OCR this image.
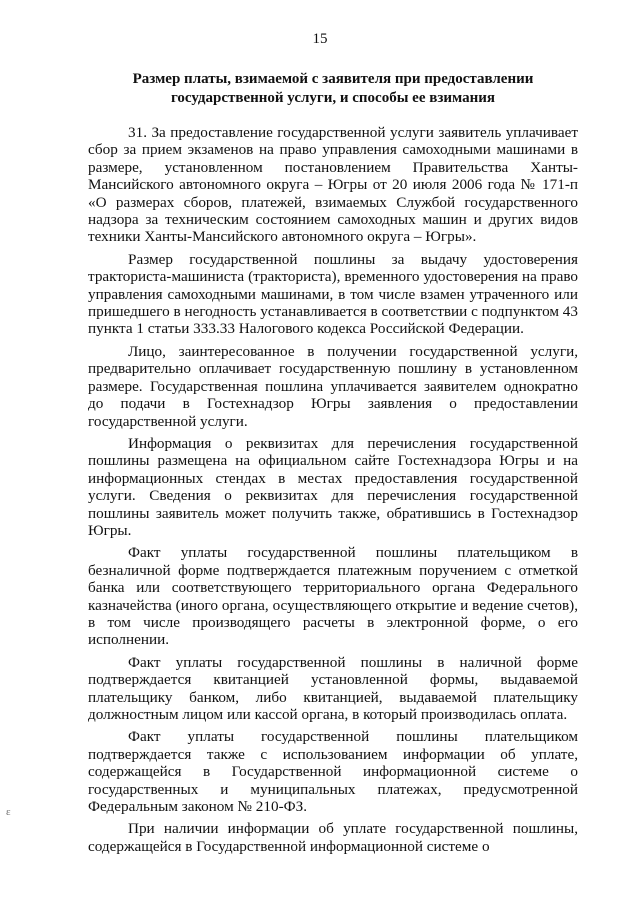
15
Размер платы, взимаемой с заявителя при предоставлении
государственной услуги, и способы ее взимания

31. За предоставление государственной услуги заявитель уплачивает сбор за прием экзаменов на право управления самоходными машинами в размере, установленном постановлением Правительства Ханты-Мансийского автономного округа – Югры от 20 июля 2006 года № 171-п «О размерах сборов, платежей, взимаемых Службой государственного надзора за техническим состоянием самоходных машин и других видов техники Ханты-Мансийского автономного округа – Югры».

Размер государственной пошлины за выдачу удостоверения тракториста-машиниста (тракториста), временного удостоверения на право управления самоходными машинами, в том числе взамен утраченного или пришедшего в негодность устанавливается в соответствии с подпунктом 43 пункта 1 статьи 333.33 Налогового кодекса Российской Федерации.

Лицо, заинтересованное в получении государственной услуги, предварительно оплачивает государственную пошлину в установленном размере. Государственная пошлина уплачивается заявителем однократно до подачи в Гостехнадзор Югры заявления о предоставлении государственной услуги.

Информация о реквизитах для перечисления государственной пошлины размещена на официальном сайте Гостехнадзора Югры и на информационных стендах в местах предоставления государственной услуги. Сведения о реквизитах для перечисления государственной пошлины заявитель может получить также, обратившись в Гостехнадзор Югры.

Факт уплаты государственной пошлины плательщиком в безналичной форме подтверждается платежным поручением с отметкой банка или соответствующего территориального органа Федерального казначейства (иного органа, осуществляющего открытие и ведение счетов), в том числе производящего расчеты в электронной форме, о его исполнении.

Факт уплаты государственной пошлины в наличной форме подтверждается квитанцией установленной формы, выдаваемой плательщику банком, либо квитанцией, выдаваемой плательщику должностным лицом или кассой органа, в который производилась оплата.

Факт уплаты государственной пошлины плательщиком подтверждается также с использованием информации об уплате, содержащейся в Государственной информационной системе о государственных и муниципальных платежах, предусмотренной Федеральным законом № 210-ФЗ.

При наличии информации об уплате государственной пошлины, содержащейся в Государственной информационной системе о

ɛ
